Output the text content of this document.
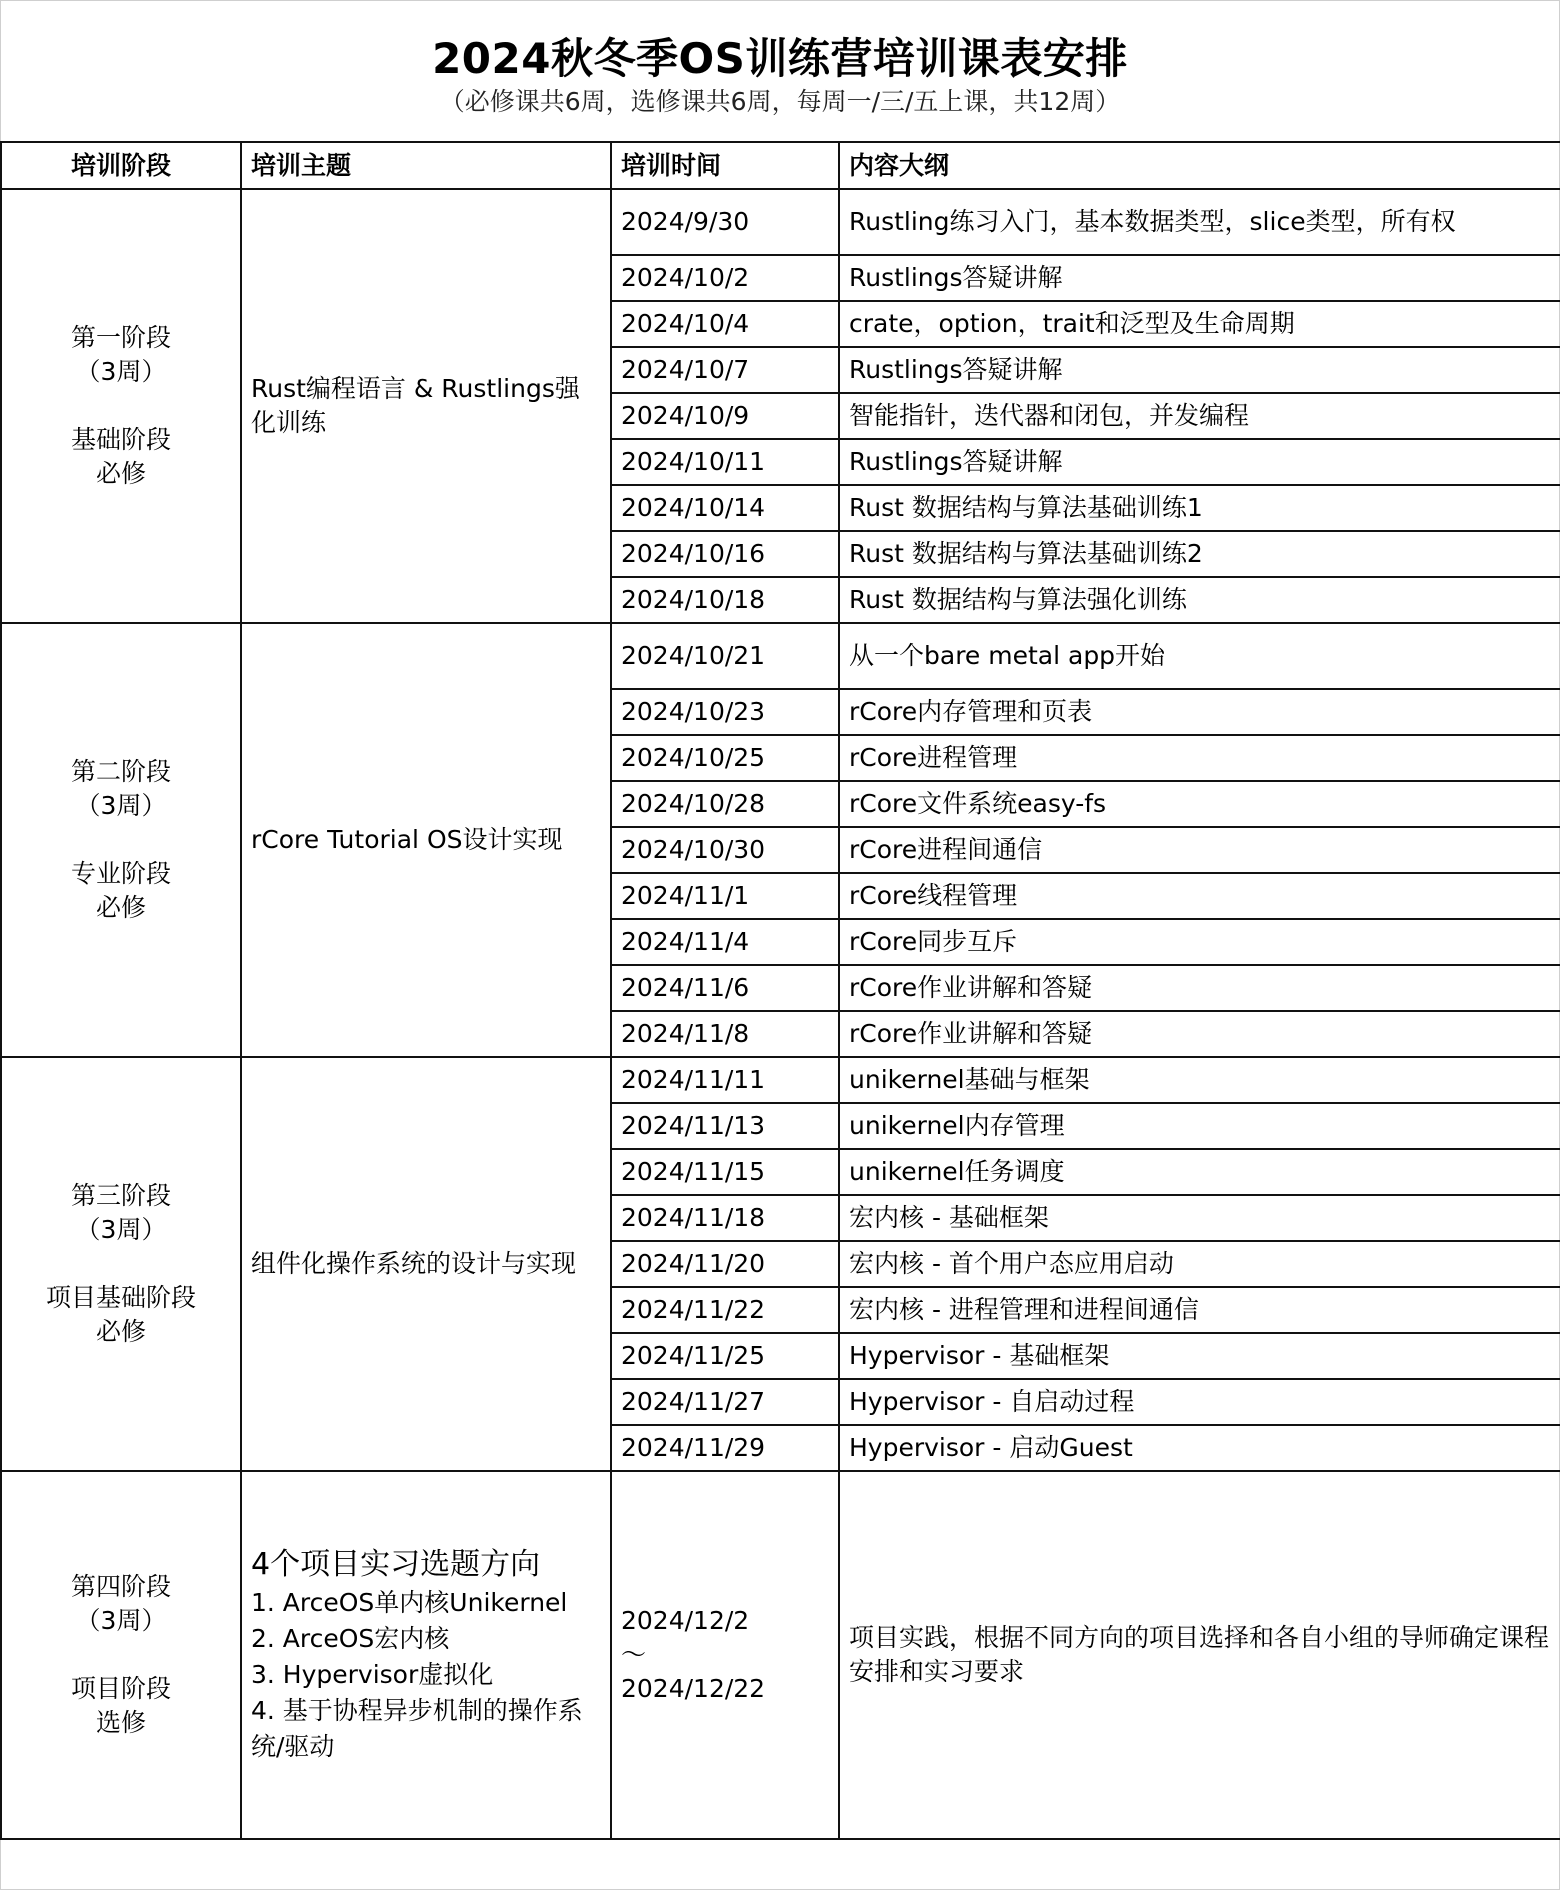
2024秋冬季OS训练营培训课表安排
（必修课共6周，选修课共6周，每周一/三/五上课，共12周）
培训阶段	培训主题	培训时间	内容大纲

第一阶段
（3周）
基础阶段
必修	Rust编程语言 & Rustlings强化训练	2024/9/30	Rustling练习入门，基本数据类型，slice类型，所有权
		2024/10/2	Rustlings答疑讲解
		2024/10/4	crate，option，trait和泛型及生命周期
		2024/10/7	Rustlings答疑讲解
		2024/10/9	智能指针，迭代器和闭包，并发编程
		2024/10/11	Rustlings答疑讲解
		2024/10/14	Rust 数据结构与算法基础训练1
		2024/10/16	Rust 数据结构与算法基础训练2
		2024/10/18	Rust 数据结构与算法强化训练

第二阶段
（3周）
专业阶段
必修	rCore Tutorial OS设计实现	2024/10/21	从一个bare metal app开始
		2024/10/23	rCore内存管理和页表
		2024/10/25	rCore进程管理
		2024/10/28	rCore文件系统easy-fs
		2024/10/30	rCore进程间通信
		2024/11/1	rCore线程管理
		2024/11/4	rCore同步互斥
		2024/11/6	rCore作业讲解和答疑
		2024/11/8	rCore作业讲解和答疑

第三阶段
（3周）
项目基础阶段
必修	组件化操作系统的设计与实现	2024/11/11	unikernel基础与框架
		2024/11/13	unikernel内存管理
		2024/11/15	unikernel任务调度
		2024/11/18	宏内核 - 基础框架
		2024/11/20	宏内核 - 首个用户态应用启动
		2024/11/22	宏内核 - 进程管理和进程间通信
		2024/11/25	Hypervisor - 基础框架
		2024/11/27	Hypervisor - 自启动过程
		2024/11/29	Hypervisor - 启动Guest

第四阶段
（3周）
项目阶段
选修	4个项目实习选题方向
1. ArceOS单内核Unikernel
2. ArceOS宏内核
3. Hypervisor虚拟化
4. 基于协程异步机制的操作系统/驱动	2024/12/2
～
2024/12/22	项目实践，根据不同方向的项目选择和各自小组的导师确定课程安排和实习要求
